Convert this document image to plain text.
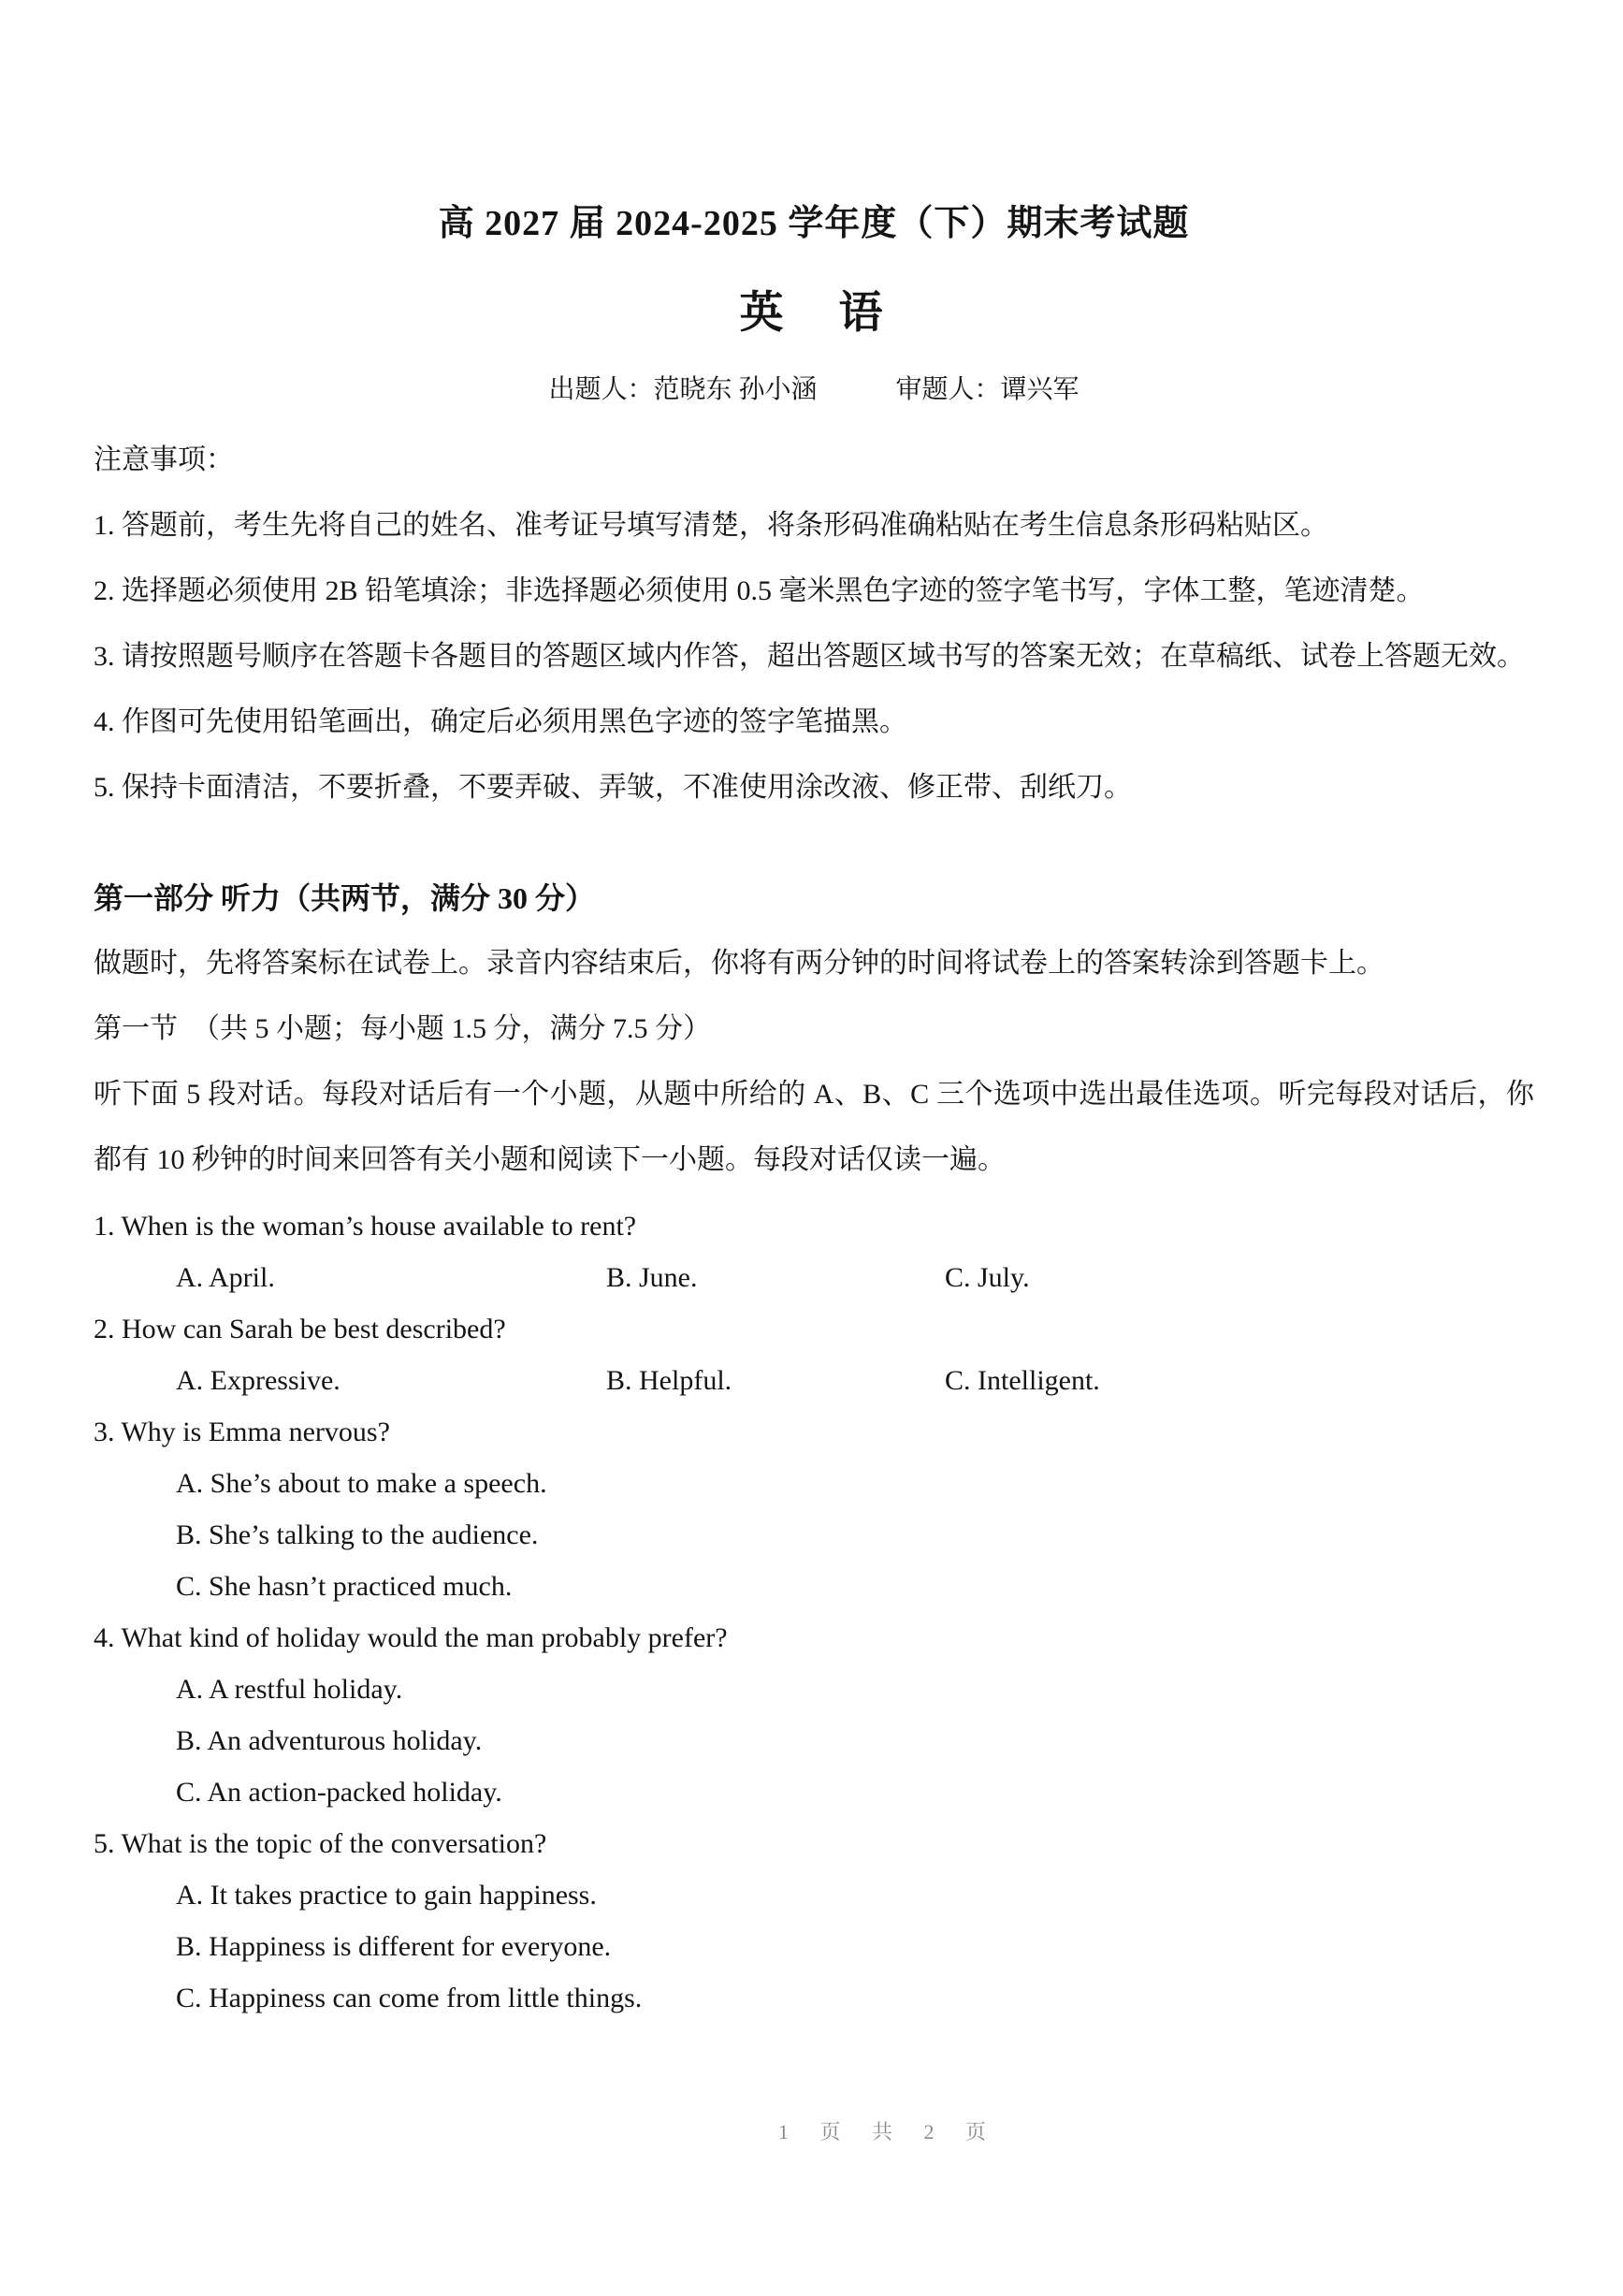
高 2027 届 2024-2025 学年度（下）期末考试题
英　语
出题人：范晓东 孙小涵　　　审题人：谭兴军
注意事项：
1. 答题前，考生先将自己的姓名、准考证号填写清楚，将条形码准确粘贴在考生信息条形码粘贴区。
2. 选择题必须使用 2B 铅笔填涂；非选择题必须使用 0.5 毫米黑色字迹的签字笔书写，字体工整，笔迹清楚。
3. 请按照题号顺序在答题卡各题目的答题区域内作答，超出答题区域书写的答案无效；在草稿纸、试卷上答题无效。
4. 作图可先使用铅笔画出，确定后必须用黑色字迹的签字笔描黑。
5. 保持卡面清洁，不要折叠，不要弄破、弄皱，不准使用涂改液、修正带、刮纸刀。
第一部分 听力（共两节，满分 30 分）
做题时，先将答案标在试卷上。录音内容结束后，你将有两分钟的时间将试卷上的答案转涂到答题卡上。
第一节　（共 5 小题；每小题 1.5 分，满分 7.5 分）
听下面 5 段对话。每段对话后有一个小题，从题中所给的 A、B、C 三个选项中选出最佳选项。听完每段对话后，你都有 10 秒钟的时间来回答有关小题和阅读下一小题。每段对话仅读一遍。
1. When is the woman’s house available to rent?
A. April.	B. June.	C. July.
2. How can Sarah be best described?
A. Expressive.	B. Helpful.	C. Intelligent.
3. Why is Emma nervous?
A. She’s about to make a speech.
B. She’s talking to the audience.
C. She hasn’t practiced much.
4. What kind of holiday would the man probably prefer?
A. A restful holiday.
B. An adventurous holiday.
C. An action-packed holiday.
5. What is the topic of the conversation?
A. It takes practice to gain happiness.
B. Happiness is different for everyone.
C. Happiness can come from little things.
1 页 共 2 页
